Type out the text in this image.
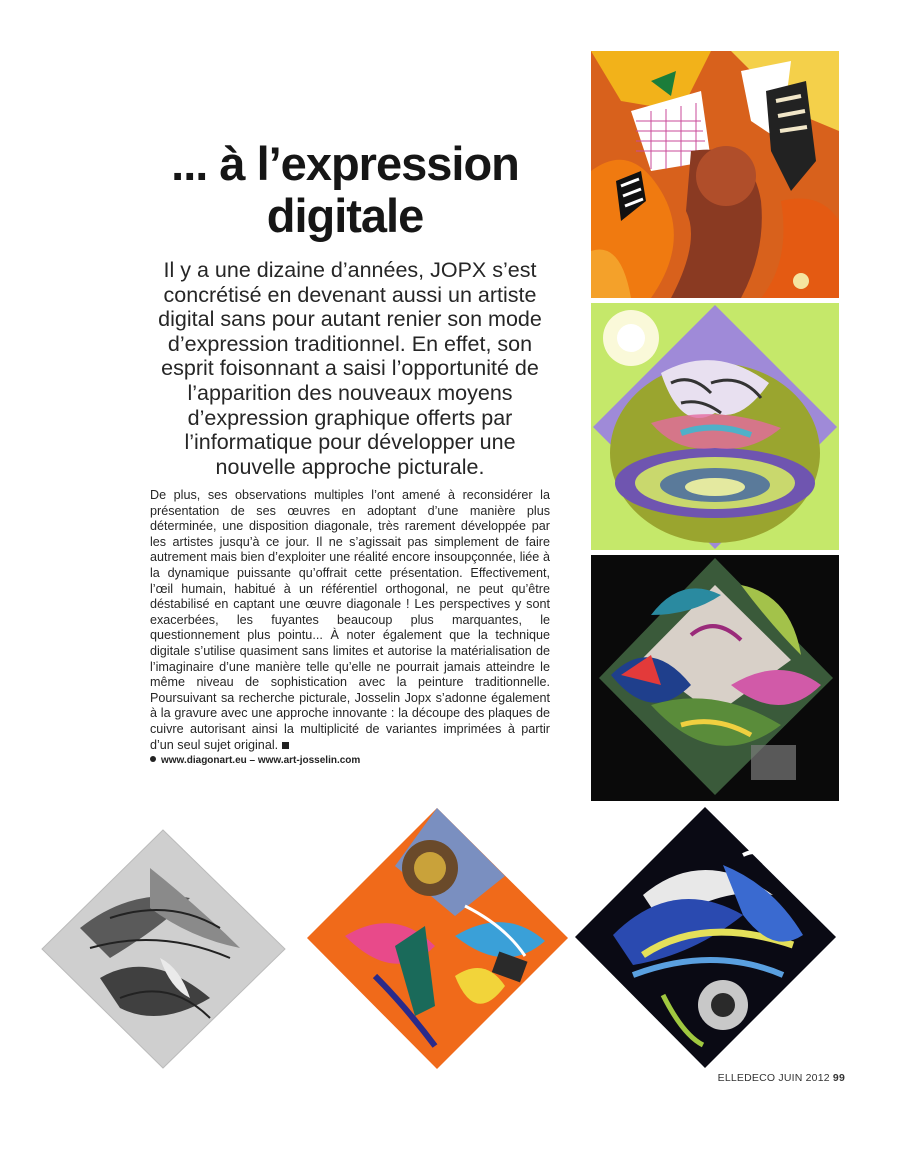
... à l’expression
digitale

Il y a une dizaine d’années, JOPX s’est concrétisé en devenant aussi un artiste digital sans pour autant renier son mode d’expression traditionnel. En effet, son esprit foisonnant a saisi l’opportunité de l’apparition des nouveaux moyens d’expression graphique offerts par l’informatique pour développer une nouvelle approche picturale.

De plus, ses observations multiples l’ont amené à reconsidérer la présentation de ses œuvres en adoptant d’une manière plus déterminée, une disposition diagonale, très rarement développée par les artistes jusqu’à ce jour. Il ne s’agissait pas simplement de faire autrement mais bien d’exploiter une réalité encore insoupçonnée, liée à la dynamique puissante qu’offrait cette présentation. Effectivement, l’œil humain, habitué à un référentiel orthogonal, ne peut qu’être déstabilisé en captant une œuvre diagonale ! Les perspectives y sont exacerbées, les fuyantes beaucoup plus marquantes, le questionnement plus pointu... À noter également que la technique digitale s’utilise quasiment sans limites et autorise la matérialisation de l’imaginaire d’une manière telle qu’elle ne pourrait jamais atteindre le même niveau de sophistication avec la peinture traditionnelle. Poursuivant sa recherche picturale, Josselin Jopx s’adonne également à la gravure avec une approche innovante : la découpe des plaques de cuivre autorisant ainsi la multiplicité de variantes imprimées à partir d’un seul sujet original.

www.diagonart.eu – www.art-josselin.com
ELLEDECO JUIN 2012 99
